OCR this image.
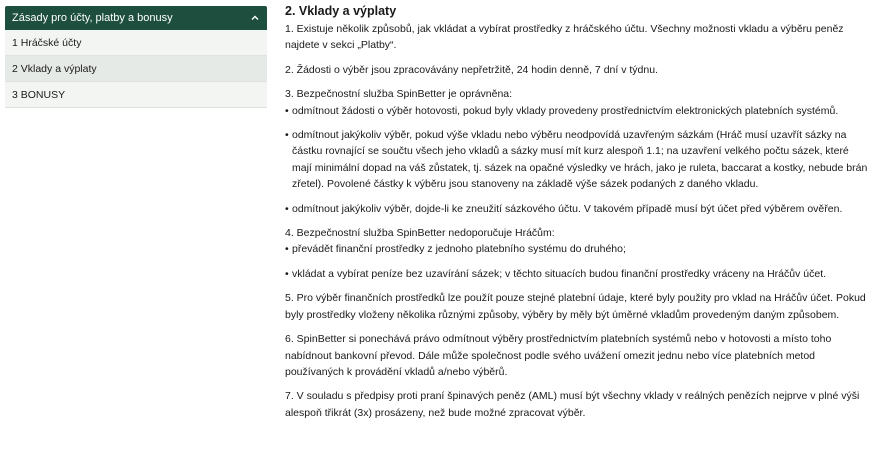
Zásady pro účty, platby a bonusy
1 Hráčské účty
2 Vklady a výplaty
3 BONUSY
2. Vklady a výplaty

1. Existuje několik způsobů, jak vkládat a vybírat prostředky z hráčského účtu. Všechny možnosti vkladu a výběru peněz najdete v sekci „Platby“.

2. Žádosti o výběr jsou zpracovávány nepřetržitě, 24 hodin denně, 7 dní v týdnu.

3. Bezpečnostní služba SpinBetter je oprávněna:

• odmítnout žádosti o výběr hotovosti, pokud byly vklady provedeny prostřednictvím elektronických platebních systémů.
• odmítnout jakýkoliv výběr, pokud výše vkladu nebo výběru neodpovídá uzavřeným sázkám (Hráč musí uzavřít sázky na částku rovnající se součtu všech jeho vkladů a sázky musí mít kurz alespoň 1.1; na uzavření velkého počtu sázek, které mají minimální dopad na váš zůstatek, tj. sázek na opačné výsledky ve hrách, jako je ruleta, baccarat a kostky, nebude brán zřetel). Povolené částky k výběru jsou stanoveny na základě výše sázek podaných z daného vkladu.
• odmítnout jakýkoliv výběr, dojde-li ke zneužití sázkového účtu. V takovém případě musí být účet před výběrem ověřen.

4. Bezpečnostní služba SpinBetter nedoporučuje Hráčům:

• převádět finanční prostředky z jednoho platebního systému do druhého;
• vkládat a vybírat peníze bez uzavírání sázek; v těchto situacích budou finanční prostředky vráceny na Hráčův účet.

5. Pro výběr finančních prostředků lze použít pouze stejné platební údaje, které byly použity pro vklad na Hráčův účet. Pokud byly prostředky vloženy několika různými způsoby, výběry by měly být úměrné vkladům provedeným daným způsobem.

6. SpinBetter si ponechává právo odmítnout výběry prostřednictvím platebních systémů nebo v hotovosti a místo toho nabídnout bankovní převod. Dále může společnost podle svého uvážení omezit jednu nebo více platebních metod používaných k provádění vkladů a/nebo výběrů.

7. V souladu s předpisy proti praní špinavých peněz (AML) musí být všechny vklady v reálných penězích nejprve v plné výši alespoň třikrát (3x) prosázeny, než bude možné zpracovat výběr.
